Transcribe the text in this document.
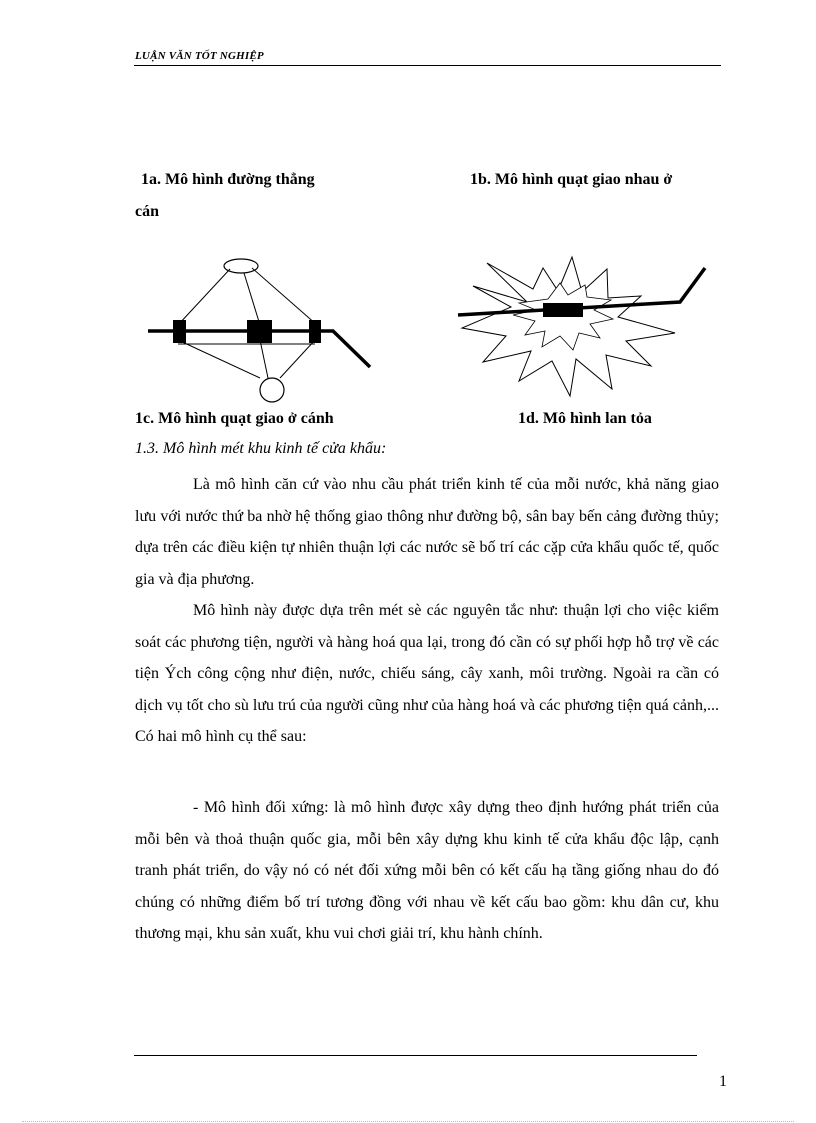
LUẬN VĂN TỐT NGHIỆP
1a. Mô hình đường thẳng
cán
1b. Mô hình quạt giao nhau ở
1c. Mô hình quạt giao ở cánh	1d. Mô hình lan tỏa
1.3. Mô hình mét khu kinh tế cửa khẩu:

Là mô hình căn cứ vào nhu cầu phát triển kinh tế của mỗi nước, khả năng giao lưu với nước thứ ba nhờ hệ thống giao thông như đường bộ, sân bay bến cảng đường thủy; dựa trên các điều kiện tự nhiên thuận lợi các nước sẽ bố trí các cặp cửa khẩu quốc tế, quốc gia và địa phương.

Mô hình này được dựa trên mét sè các nguyên tắc như: thuận lợi cho việc kiểm soát các phương tiện, người và hàng hoá qua lại, trong đó cần có sự phối hợp hỗ trợ về các tiện Ých công cộng như điện, nước, chiếu sáng, cây xanh, môi trường. Ngoài ra cần có dịch vụ tốt cho sù lưu trú của người cũng như của hàng hoá và các phương tiện quá cảnh,... Có hai mô hình cụ thể sau:

- Mô hình đối xứng: là mô hình được xây dựng theo định hướng phát triển của mỗi bên và thoả thuận quốc gia, mỗi bên xây dựng khu kinh tế cửa khẩu độc lập, cạnh tranh phát triển, do vậy nó có nét đối xứng mỗi bên có kết cấu hạ tầng giống nhau do đó chúng có những điểm bố trí tương đồng với nhau về kết cấu bao gồm: khu dân cư, khu thương mại, khu sản xuất, khu vui chơi giải trí, khu hành chính.

1
